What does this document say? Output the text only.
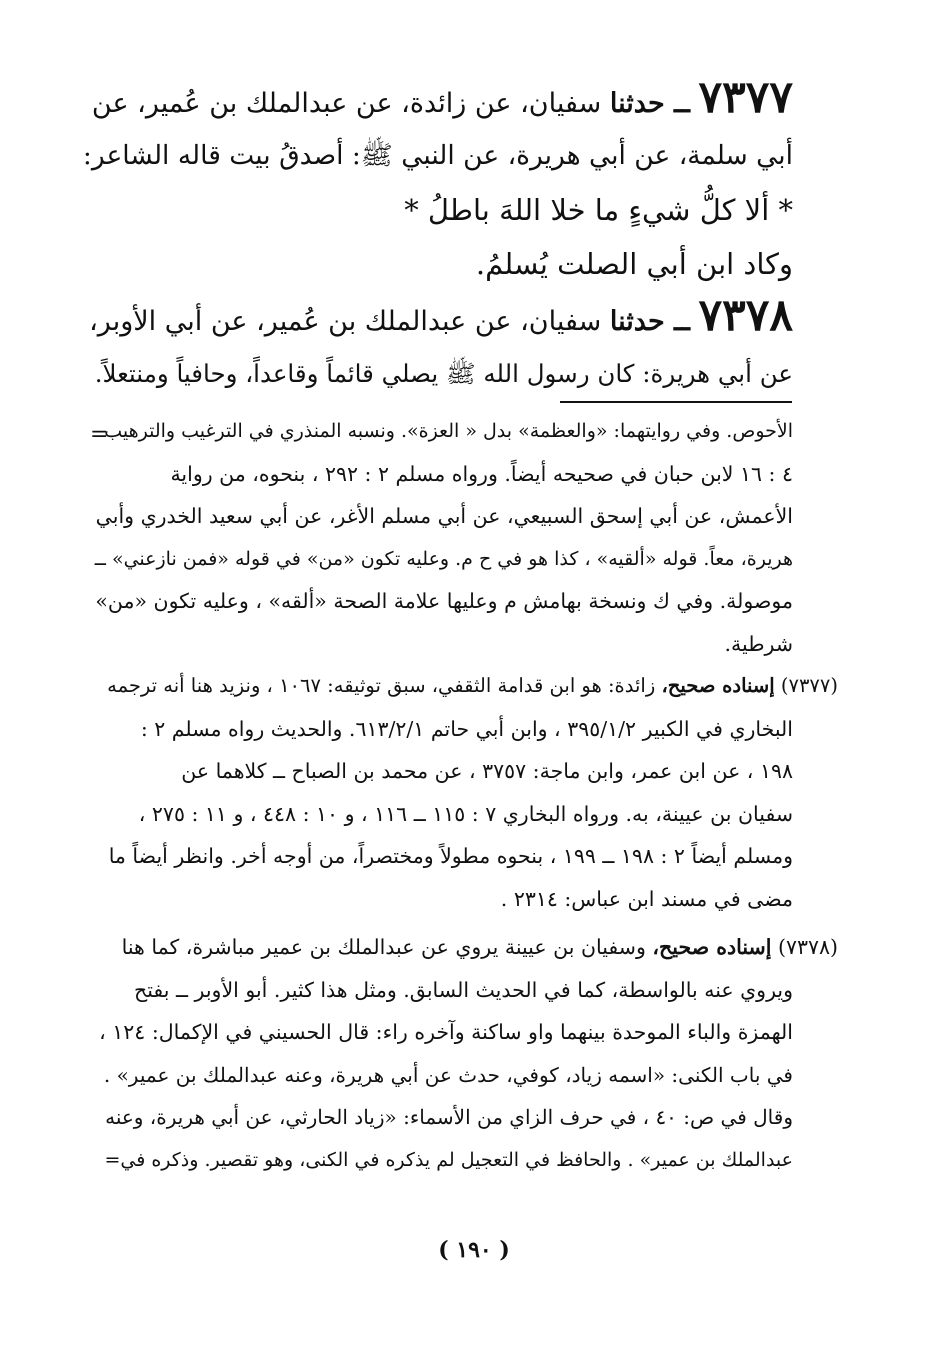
٧٣٧٧ ــ حدثنا سفيان، عن زائدة، عن عبدالملك بن عُمير، عن
أبي سلمة، عن أبي هريرة، عن النبي ﷺ: أصدقُ بيت قاله الشاعر:
* ألا كلُّ شيءٍ ما خلا اللهَ باطلُ *
وكاد ابن أبي الصلت يُسلمُ.
٧٣٧٨ ــ حدثنا سفيان، عن عبدالملك بن عُمير، عن أبي الأوبر،
عن أبي هريرة: كان رسول الله ﷺ يصلي قائماً وقاعداً، وحافياً ومنتعلاً.
=
الأحوص. وفي روايتهما: «والعظمة» بدل « العزة». ونسبه المنذري في الترغيب والترهيب
٤ : ١٦ لابن حبان في صحيحه أيضاً. ورواه مسلم ٢ : ٢٩٢ ، بنحوه، من رواية
الأعمش، عن أبي إسحق السبيعي، عن أبي مسلم الأغر، عن أبي سعيد الخدري وأبي
هريرة، معاً. قوله «ألقيه» ، كذا هو في ح م. وعليه تكون «من» في قوله «فمن نازعني» ــ
موصولة. وفي ك ونسخة بهامش م وعليها علامة الصحة «ألقه» ، وعليه تكون «من»
شرطية.
(٧٣٧٧) إسناده صحيح، زائدة: هو ابن قدامة الثقفي، سبق توثيقه: ١٠٦٧ ، ونزيد هنا أنه ترجمه
البخاري في الكبير ٣٩٥/١/٢ ، وابن أبي حاتم ٦١٣/٢/١. والحديث رواه مسلم ٢ :
١٩٨ ، عن ابن عمر، وابن ماجة: ٣٧٥٧ ، عن محمد بن الصباح ــ كلاهما عن
سفيان بن عيينة، به. ورواه البخاري ٧ : ١١٥ ــ ١١٦ ، و ١٠ : ٤٤٨ ، و ١١ : ٢٧٥ ،
ومسلم أيضاً ٢ : ١٩٨ ــ ١٩٩ ، بنحوه مطولاً ومختصراً، من أوجه أخر. وانظر أيضاً ما
مضى في مسند ابن عباس: ٢٣١٤ .
(٧٣٧٨) إسناده صحيح، وسفيان بن عيينة يروي عن عبدالملك بن عمير مباشرة، كما هنا
ويروي عنه بالواسطة، كما في الحديث السابق. ومثل هذا كثير. أبو الأوبر ــ بفتح
الهمزة والباء الموحدة بينهما واو ساكنة وآخره راء: قال الحسيني في الإكمال: ١٢٤ ،
في باب الكنى: «اسمه زياد، كوفي، حدث عن أبي هريرة، وعنه عبدالملك بن عمير» .
وقال في ص: ٤٠ ، في حرف الزاي من الأسماء: «زياد الحارثي، عن أبي هريرة، وعنه
عبدالملك بن عمير» . والحافظ في التعجيل لم يذكره في الكنى، وهو تقصير. وذكره في=
( ١٩٠ )
